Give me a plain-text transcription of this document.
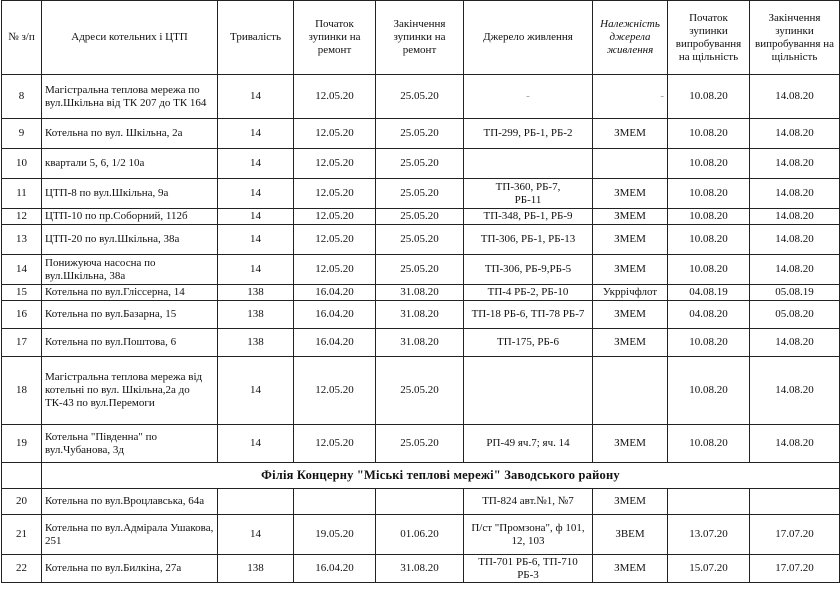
№ з/п	Адреси котельних і ЦТП	Тривалість	Початок зупинки на ремонт	Закінчення зупинки на ремонт	Джерело живлення	Належність джерела живлення	Початок зупинки випробування на щільність	Закінчення зупинки випробування на щільність
8	Магістральна теплова мережа по вул.Шкільна від ТК 207 до ТК 164	14	12.05.20	25.05.20	-	-	10.08.20	14.08.20
9	Котельна по вул. Шкільна, 2а	14	12.05.20	25.05.20	ТП-299, РБ-1, РБ-2	ЗМЕМ	10.08.20	14.08.20
10	квартали 5, 6, 1/2 10а	14	12.05.20	25.05.20			10.08.20	14.08.20
11	ЦТП-8 по вул.Шкільна, 9а	14	12.05.20	25.05.20	ТП-360, РБ-7, РБ-11	ЗМЕМ	10.08.20	14.08.20
12	ЦТП-10 по пр.Соборний, 112б	14	12.05.20	25.05.20	ТП-348, РБ-1, РБ-9	ЗМЕМ	10.08.20	14.08.20
13	ЦТП-20 по вул.Шкільна, 38а	14	12.05.20	25.05.20	ТП-306, РБ-1, РБ-13	ЗМЕМ	10.08.20	14.08.20
14	Понижуюча насосна по вул.Шкільна, 38а	14	12.05.20	25.05.20	ТП-306, РБ-9,РБ-5	ЗМЕМ	10.08.20	14.08.20
15	Котельна по вул.Гліссерна, 14	138	16.04.20	31.08.20	ТП-4 РБ-2, РБ-10	Укррічфлот	04.08.19	05.08.19
16	Котельна по вул.Базарна, 15	138	16.04.20	31.08.20	ТП-18 РБ-6, ТП-78 РБ-7	ЗМЕМ	04.08.20	05.08.20
17	Котельна по вул.Поштова, 6	138	16.04.20	31.08.20	ТП-175, РБ-6	ЗМЕМ	10.08.20	14.08.20
18	Магістральна теплова мережа від котельні по вул. Шкільна,2а до ТК-43 по вул.Перемоги	14	12.05.20	25.05.20			10.08.20	14.08.20
19	Котельна "Південна" по вул.Чубанова, 3д	14	12.05.20	25.05.20	РП-49 яч.7; яч. 14	ЗМЕМ	10.08.20	14.08.20
	Філія Концерну "Міські теплові мережі" Заводського району							
20	Котельна по вул.Вроцлавська, 64а				ТП-824 авт.№1, №7	ЗМЕМ		
21	Котельна по вул.Адмірала Ушакова, 251	14	19.05.20	01.06.20	П/ст "Промзона", ф 101, 12, 103	ЗВЕМ	13.07.20	17.07.20
22	Котельна по вул.Билкіна, 27а	138	16.04.20	31.08.20	ТП-701 РБ-6, ТП-710 РБ-3	ЗМЕМ	15.07.20	17.07.20
